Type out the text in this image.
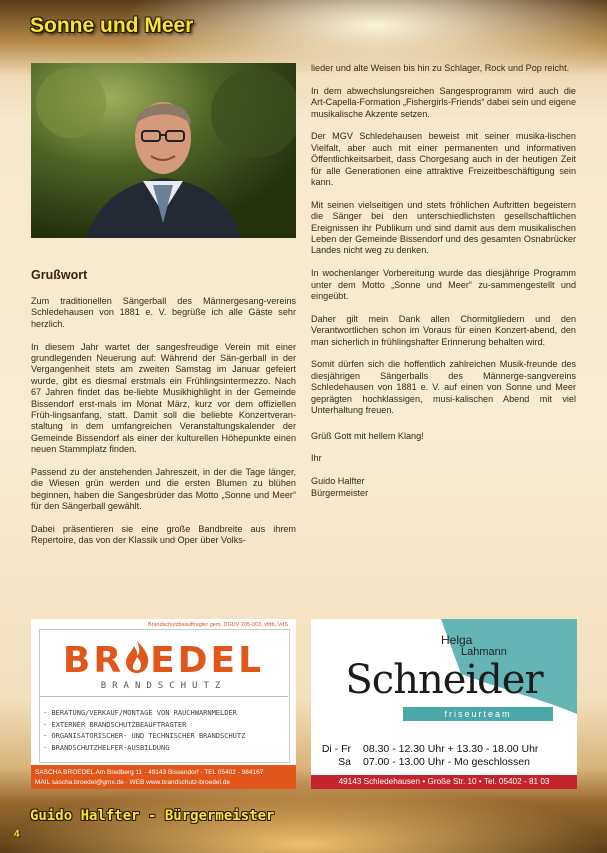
Sonne und Meer
Grußwort

Zum traditionellen Sängerball des Männergesang-vereins Schledehausen von 1881 e. V. begrüße ich alle Gäste sehr herzlich.

In diesem Jahr wartet der sangesfreudige Verein mit einer grundlegenden Neuerung auf: Während der Sän-gerball in der Vergangenheit stets am zweiten Samstag im Januar gefeiert wurde, gibt es diesmal erstmals ein Frühlingsintermezzo. Nach 67 Jahren findet das be-liebte Musikhighlight in der Gemeinde Bissendorf erst-mals im Monat März, kurz vor dem offiziellen Früh-lingsanfang, statt. Damit soll die beliebte Konzertveran-staltung in dem umfangreichen Veranstaltungskalender der Gemeinde Bissendorf als einer der kulturellen Höhepunkte einen neuen Stammplatz finden.

Passend zu der anstehenden Jahreszeit, in der die Tage länger, die Wiesen grün werden und die ersten Blumen zu blühen beginnen, haben die Sangesbrüder das Motto „Sonne und Meer“ für den Sängerball gewählt.

Dabei präsentieren sie eine große Bandbreite aus ihrem Repertoire, das von der Klassik und Oper über Volks-

lieder und alte Weisen bis hin zu Schlager, Rock und Pop reicht.

In dem abwechslungsreichen Sangesprogramm wird auch die Art-Capella-Formation „Fishergirls-Friends“ dabei sein und eigene musikalische Akzente setzen.

Der MGV Schledehausen beweist mit seiner musika-lischen Vielfalt, aber auch mit einer permanenten und informativen Öffentlichkeitsarbeit, dass Chorgesang auch in der heutigen Zeit für alle Generationen eine attraktive Freizeitbeschäftigung sein kann.

Mit seinen vielseitigen und stets fröhlichen Auftritten begeistern die Sänger bei den unterschiedlichsten gesellschaftlichen Ereignissen ihr Publikum und sind damit aus dem musikalischen Leben der Gemeinde Bissendorf und des gesamten Osnabrücker Landes nicht weg zu denken.

In wochenlanger Vorbereitung wurde das diesjährige Programm unter dem Motto „Sonne und Meer“ zu-sammengestellt und eingeübt.

Daher gilt mein Dank allen Chormitgliedern und den Verantwortlichen schon im Voraus für einen Konzert-abend, den man sicherlich in frühlingshafter Erinnerung behalten wird.

Somit dürfen sich die hoffentlich zahlreichen Musik-freunde des diesjährigen Sängerballs des Männerge-sangvereins Schledehausen von 1881 e. V. auf einen von Sonne und Meer geprägten hochklassigen, musi-kalischen Abend mit viel Unterhaltung freuen.

Grüß Gott mit hellem Klang!

Ihr

Guido Halfter

Bürgermeister

Brandschutzbeauftragter gem. DGUV 205-003, vfdb, VdS
BR EDEL
BRANDSCHUTZ
· BERATUNG/VERKAUF/MONTAGE VON RAUCHWARNMELDER
· EXTERNER BRANDSCHUTZBEAUFTRAGTER
· ORGANISATORISCHER- UND TECHNISCHER BRANDSCHUTZ
· BRANDSCHUTZHELFER-AUSBILDUNG
SASCHA BROEDEL Am Bredberg 11 · 49143 Bissendorf · TEL 05402 - 984167
MAIL sascha.broedel@gmx.de · WEB www.brandschutz-broedel.de
Helga
Lahmann
Schneider
friseurteam
Di - Fr 08.30 - 12.30 Uhr + 13.30 - 18.00 Uhr
Sa 07.00 - 13.00 Uhr - Mo geschlossen
49143 Schledehausen • Große Str. 10 • Tel. 05402 - 81 03
Guido Halfter - Bürgermeister
4
